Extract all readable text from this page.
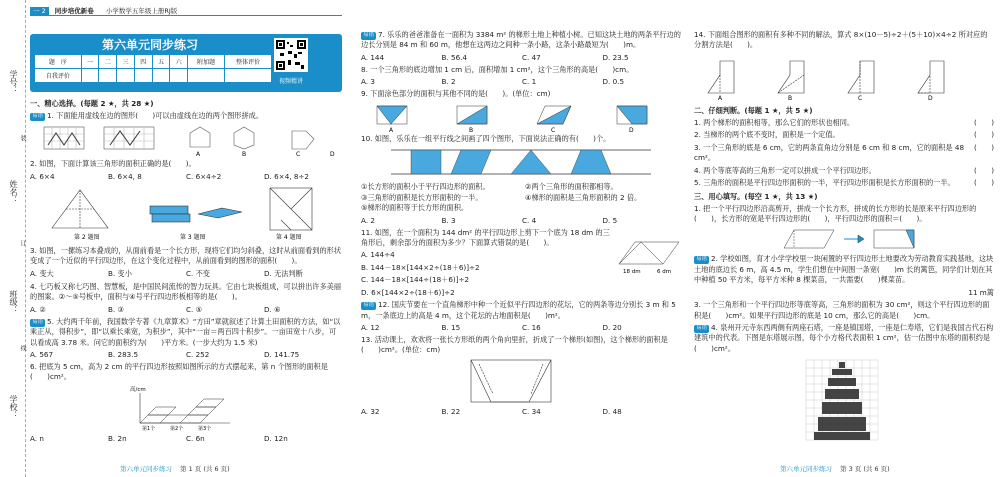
学号：
姓名：
班级：
学校：
装
订
线
一 2 同步培优新卷 小学数学五年级上册RJ版
第六单元同步练习
题　序	一	二	三	四	五	六	附加题	整体评价
自我评价								
视频精讲
一、精心选择。(每题 2 ★，共 28 ★)
易错 1. 下面能用虚线在边的图形(　　)可以由虚线在边的两个图形拼成。
A	B	C	D
2. 如图，下面计算该三角形的面积正确的是(　　)。
A. 6×4	B. 6×4, 8	C. 6×4÷2	D. 6×4, 8÷2
第 2 题图	第 3 题图	第 4 题图
3. 如图，一摞练习本叠成的，从面前看是一个长方形，现将它们均匀斜叠，这时从前面看到的形状变成了一个近似的平行四边形，在这个变化过程中，从前面看到的图形的面积(　　)。
A. 变大	B. 变小	C. 不变	D. 无法判断
4. 七巧板又称七巧图、智慧板，是中国民间流传的智力玩具。它由七块板组成，可以拼出许多美丽的图案。②～⑤号板中，面积与④号平行四边形板相等的是(　　)。
A. ②	B. ③	C. ⑤	D. ⑥
易错 5. 大约两千年前，我国数学专著《九章算术》“方田”章就叙述了计算土田面积的方法，如“以乘正从，得积步”，即“以乘长乘宽，为积步”，其中“一亩＝两百四十积步”。一亩田宽十八步，可以看成高 3.78 米。问它的面积约为(　　)平方米。(一步大约为 1.5 米)
A. 567	B. 283.5	C. 252	D. 141.75
6. 把底为 5 cm，高为 2 cm 的平行四边形按照如图所示的方式摆起来，第 n 个图形的面积是(　　)cm²。
高/cm
第1个	第2个	第3个
A. n	B. 2n	C. 6n	D. 12n
第六单元同步练习 第 1 页 (共 6 页)
易错 7. 乐乐的爸爸准备在一面积为 3384 m² 的梯形土地上种植小树。已知这块土地的两条平行边的边长分别是 84 m 和 60 m，他想在这两边之间种一条小路，这条小路最短为(　　)m。
A. 144	B. 56.4	C. 47	D. 23.5
8. 一个三角形的底边增加 1 cm 后，面积增加 1 cm²，这个三角形的高是(　　)cm。
A. 3	B. 2	C. 1	D. 0.5
9. 下面涂色部分的面积与其他不同的是(　　)。(单位：cm)
A	B	C	D
10. 如图，乐乐在一组平行线之间画了四个图形，下面说法正确的有(　　)个。
①长方形的面积小于平行四边形的面积。	②两个三角形的面积都相等。
③三角形的面积是长方形面积的一半。	④梯形的面积是三角形面积的 2 倍。
⑤梯形的面积等于长方形的面积。
A. 2	B. 3	C. 4	D. 5
11. 如图，在一个面积为 144 dm² 的平行四边形上剪下一个底为 18 dm 的三角形后，剩余部分的面积为多少？下面算式错误的是(　　)。
A. 144÷4
B. 144－18×[144×2÷(18＋6)]÷2
C. 144－18×[144÷(18＋6)]÷2
D. 6×[144×2÷(18＋6)]÷2
18 dm	6 dm
易错 12. 国庆节要在一个直角梯形中种一个近似平行四边形的花坛，它的两条等边分别长 3 m 和 5 m，一条底边上的高是 4 m，这个花坛的占地面积是(　　)m²。
A. 12	B. 15	C. 16	D. 20
13. 活动课上，欢欢将一张长方形纸的两个角向里折，折成了一个梯形(如图)，这个梯形的面积是(　　)cm²。(单位：cm)
A. 32	B. 22	C. 34	D. 48
14. 下面组合图形的面积有多种不同的解法，算式 8×(10－5)÷2＋(5＋10)×4÷2 所对应的分割方法是(　　)。
A	B	C	D
二、仔细判断。(每题 1 ★，共 5 ★)
1. 两个梯形的面积相等，那么它们的形状也相同。	(　　)
2. 当梯形的两个底不变时，面积是一个定值。	(　　)
3. 一个三角形的底是 6 cm，它的两条直角边分别是 6 cm 和 8 cm，它的面积是 48 cm²。
(　　)
4. 两个等底等高的三角形一定可以拼成一个平行四边形。	(　　)
5. 三角形的面积是平行四边形面积的一半，平行四边形面积是长方形面积的一半。	(　　)
三、用心填写。(每空 1 ★，共 13 ★)
1. 把一个平行四边形沿高剪开，拼成一个长方形，拼成的长方形的长是原来平行四边形的(　　)，长方形的宽是平行四边形的(　　)，平行四边形的面积＝(　　)。
易错 2. 学校如图，育才小学学校里一块闲置的平行四边形土地要改为劳动教育实践基地，这块土地的底边长 6 m，高 4.5 m，学生们想在中间围一条宽(　　)m 长的篱笆，同学们计划在其中种植 50 平方米，每平方米种 8 棵菜苗，一共需要(　　)棵菜苗。
11 m篱
3. 一个三角形和一个平行四边形等底等高，三角形的面积为 30 cm²，则这个平行四边形的面积是(　　)cm²。如果平行四边形的底是 10 cm，那么它的高是(　　)cm。
易错 4. 泉州开元寺东西两侧有两座石塔，一座是镇国塔，一座是仁寿塔，它们是我国古代石构建筑中的代表。下图是东塔展示图，每个小方格代表面积 1 cm²，估一估图中东塔的面积约是(　　)cm²。
第六单元同步练习 第 3 页 (共 6 页)
